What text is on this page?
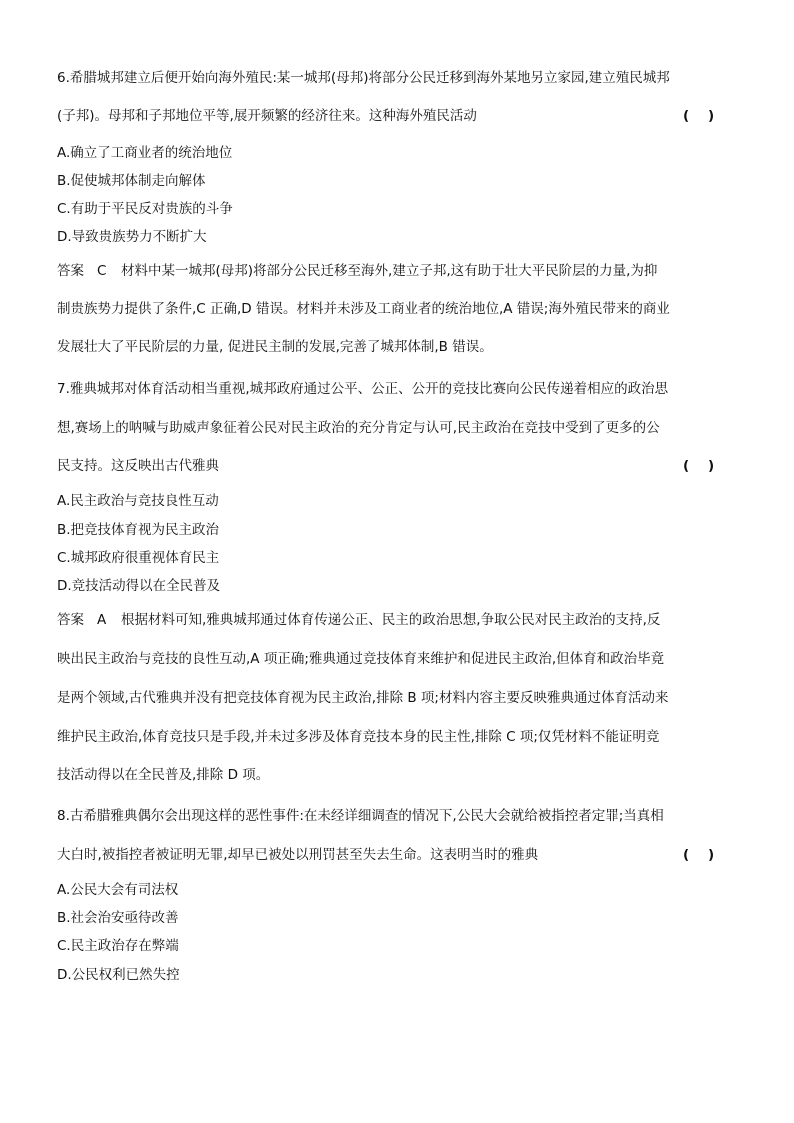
6.希腊城邦建立后便开始向海外殖民:某一城邦(母邦)将部分公民迁移到海外某地另立家园,建立殖民城邦
(子邦)。母邦和子邦地位平等,展开频繁的经济往来。这种海外殖民活动	(    )
A.确立了工商业者的统治地位
B.促使城邦体制走向解体
C.有助于平民反对贵族的斗争
D.导致贵族势力不断扩大
答案 C 材料中某一城邦(母邦)将部分公民迁移至海外,建立子邦,这有助于壮大平民阶层的力量,为抑
制贵族势力提供了条件,C 正确,D 错误。材料并未涉及工商业者的统治地位,A 错误;海外殖民带来的商业
发展壮大了平民阶层的力量, 促进民主制的发展,完善了城邦体制,B 错误。
7.雅典城邦对体育活动相当重视,城邦政府通过公平、公正、公开的竞技比赛向公民传递着相应的政治思
想,赛场上的呐喊与助威声象征着公民对民主政治的充分肯定与认可,民主政治在竞技中受到了更多的公
民支持。这反映出古代雅典	(    )
A.民主政治与竞技良性互动
B.把竞技体育视为民主政治
C.城邦政府很重视体育民主
D.竞技活动得以在全民普及
答案 A 根据材料可知,雅典城邦通过体育传递公正、民主的政治思想,争取公民对民主政治的支持,反
映出民主政治与竞技的良性互动,A 项正确;雅典通过竞技体育来维护和促进民主政治,但体育和政治毕竟
是两个领域,古代雅典并没有把竞技体育视为民主政治,排除 B 项;材料内容主要反映雅典通过体育活动来
维护民主政治,体育竞技只是手段,并未过多涉及体育竞技本身的民主性,排除 C 项;仅凭材料不能证明竞
技活动得以在全民普及,排除 D 项。
8.古希腊雅典偶尔会出现这样的恶性事件:在未经详细调查的情况下,公民大会就给被指控者定罪;当真相
大白时,被指控者被证明无罪,却早已被处以刑罚甚至失去生命。这表明当时的雅典	(    )
A.公民大会有司法权
B.社会治安亟待改善
C.民主政治存在弊端
D.公民权利已然失控
